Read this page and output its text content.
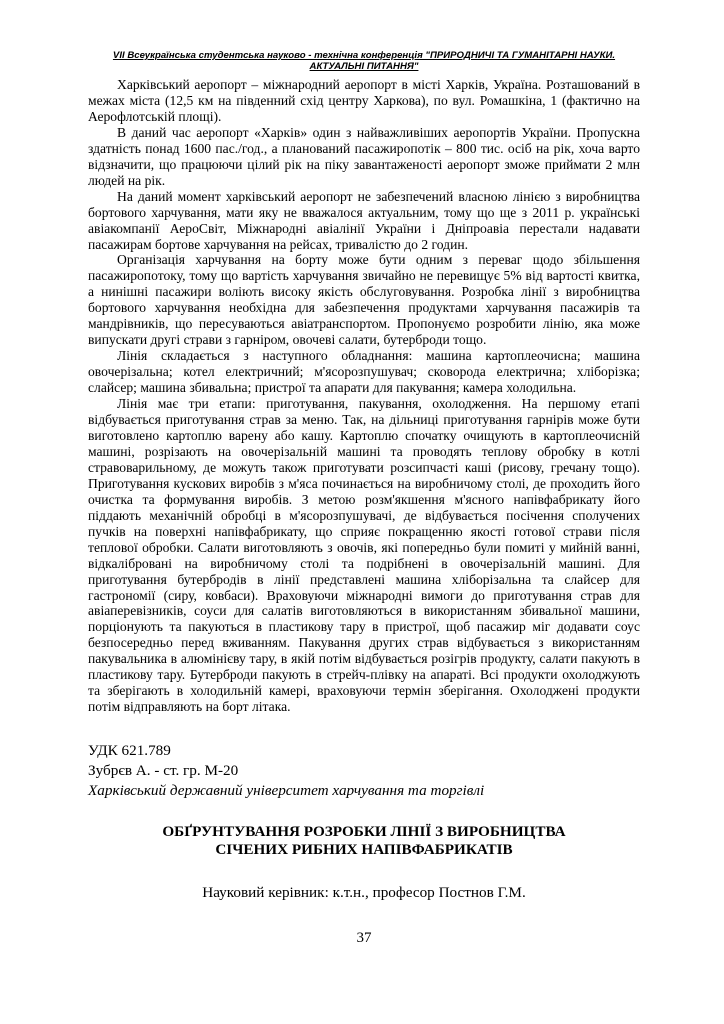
VII Всеукраїнська студентська науково - технічна конференція "ПРИРОДНИЧІ ТА ГУМАНІТАРНІ НАУКИ.
АКТУАЛЬНІ ПИТАННЯ"

Харківський аеропорт – міжнародний аеропорт в місті Харків, Україна. Розташований в межах міста (12,5 км на південний схід центру Харкова), по вул. Ромашкіна, 1 (фактично на Аерофлотській площі).

В даний час аеропорт «Харків» один з найважливіших аеропортів України. Пропускна здатність понад 1600 пас./год., а планований пасажиропотік – 800 тис. осіб на рік, хоча варто відзначити, що працюючи цілий рік на піку завантаженості аеропорт зможе приймати 2 млн людей на рік.

На даний момент харківський аеропорт не забезпечений власною лінією з виробництва бортового харчування, мати яку не вважалося актуальним, тому що ще з 2011 р. українські авіакомпанії АероСвіт, Міжнародні авіалінії України і Дніпроавіа перестали надавати пасажирам бортове харчування на рейсах, тривалістю до 2 годин.

Організація харчування на борту може бути одним з переваг щодо збільшення пасажиропотоку, тому що вартість харчування звичайно не перевищує 5% від вартості квитка, а нинішні пасажири воліють високу якість обслуговування. Розробка лінії з виробництва бортового харчування необхідна для забезпечення продуктами харчування пасажирів та мандрівників, що пересуваються авіатранспортом. Пропонуємо розробити лінію, яка може випускати другі страви з гарніром, овочеві салати, бутерброди тощо.

Лінія складається з наступного обладнання: машина картоплеочисна; машина овочерізальна; котел електричний; м'ясорозпушувач; сковорода електрична; хліборізка; слайсер; машина збивальна; пристрої та апарати для пакування; камера холодильна.

Лінія має три етапи: приготування, пакування, охолодження. На першому етапі відбувається приготування страв за меню. Так, на дільниці приготування гарнірів може бути виготовлено картоплю варену або кашу. Картоплю спочатку очищують в картоплеочисній машині, розрізають на овочерізальній машині та проводять теплову обробку в котлі стравоварильному, де можуть також приготувати розсипчасті каші (рисову, гречану тощо). Приготування кускових виробів з м'яса починається на виробничому столі, де проходить його очистка та формування виробів. З метою розм'якшення м'ясного напівфабрикату його піддають механічній обробці в м'ясорозпушувачі, де відбувається посічення сполучених пучків на поверхні напівфабрикату, що сприяє покращенню якості готової страви після теплової обробки. Салати виготовляють з овочів, які попередньо були помиті у мийній ванні, відкалібровані на виробничому столі та подрібнені в овочерізальній машині. Для приготування бутербродів в лінії представлені машина хліборізальна та слайсер для гастрономії (сиру, ковбаси). Враховуючи міжнародні вимоги до приготування страв для авіаперевізників, соуси для салатів виготовляються в використанням збивальної машини, порціонують та пакуються в пластикову тару в пристрої, щоб пасажир міг додавати соус безпосередньо перед вживанням. Пакування других страв відбувається з використанням пакувальника в алюмінієву тару, в якій потім відбувається розігрів продукту, салати пакують в пластикову тару. Бутерброди пакують в стрейч-плівку на апараті. Всі продукти охолоджують та зберігають в холодильній камері, враховуючи термін зберігання. Охолоджені продукти потім відправляють на борт літака.

УДК 621.789

Зубрєв А. - ст. гр. М-20

Харківський державний університет харчування та торгівлі

ОБҐРУНТУВАННЯ РОЗРОБКИ ЛІНІЇ З ВИРОБНИЦТВА
СІЧЕНИХ РИБНИХ НАПІВФАБРИКАТІВ

Науковий керівник: к.т.н., професор Постнов Г.М.

37
